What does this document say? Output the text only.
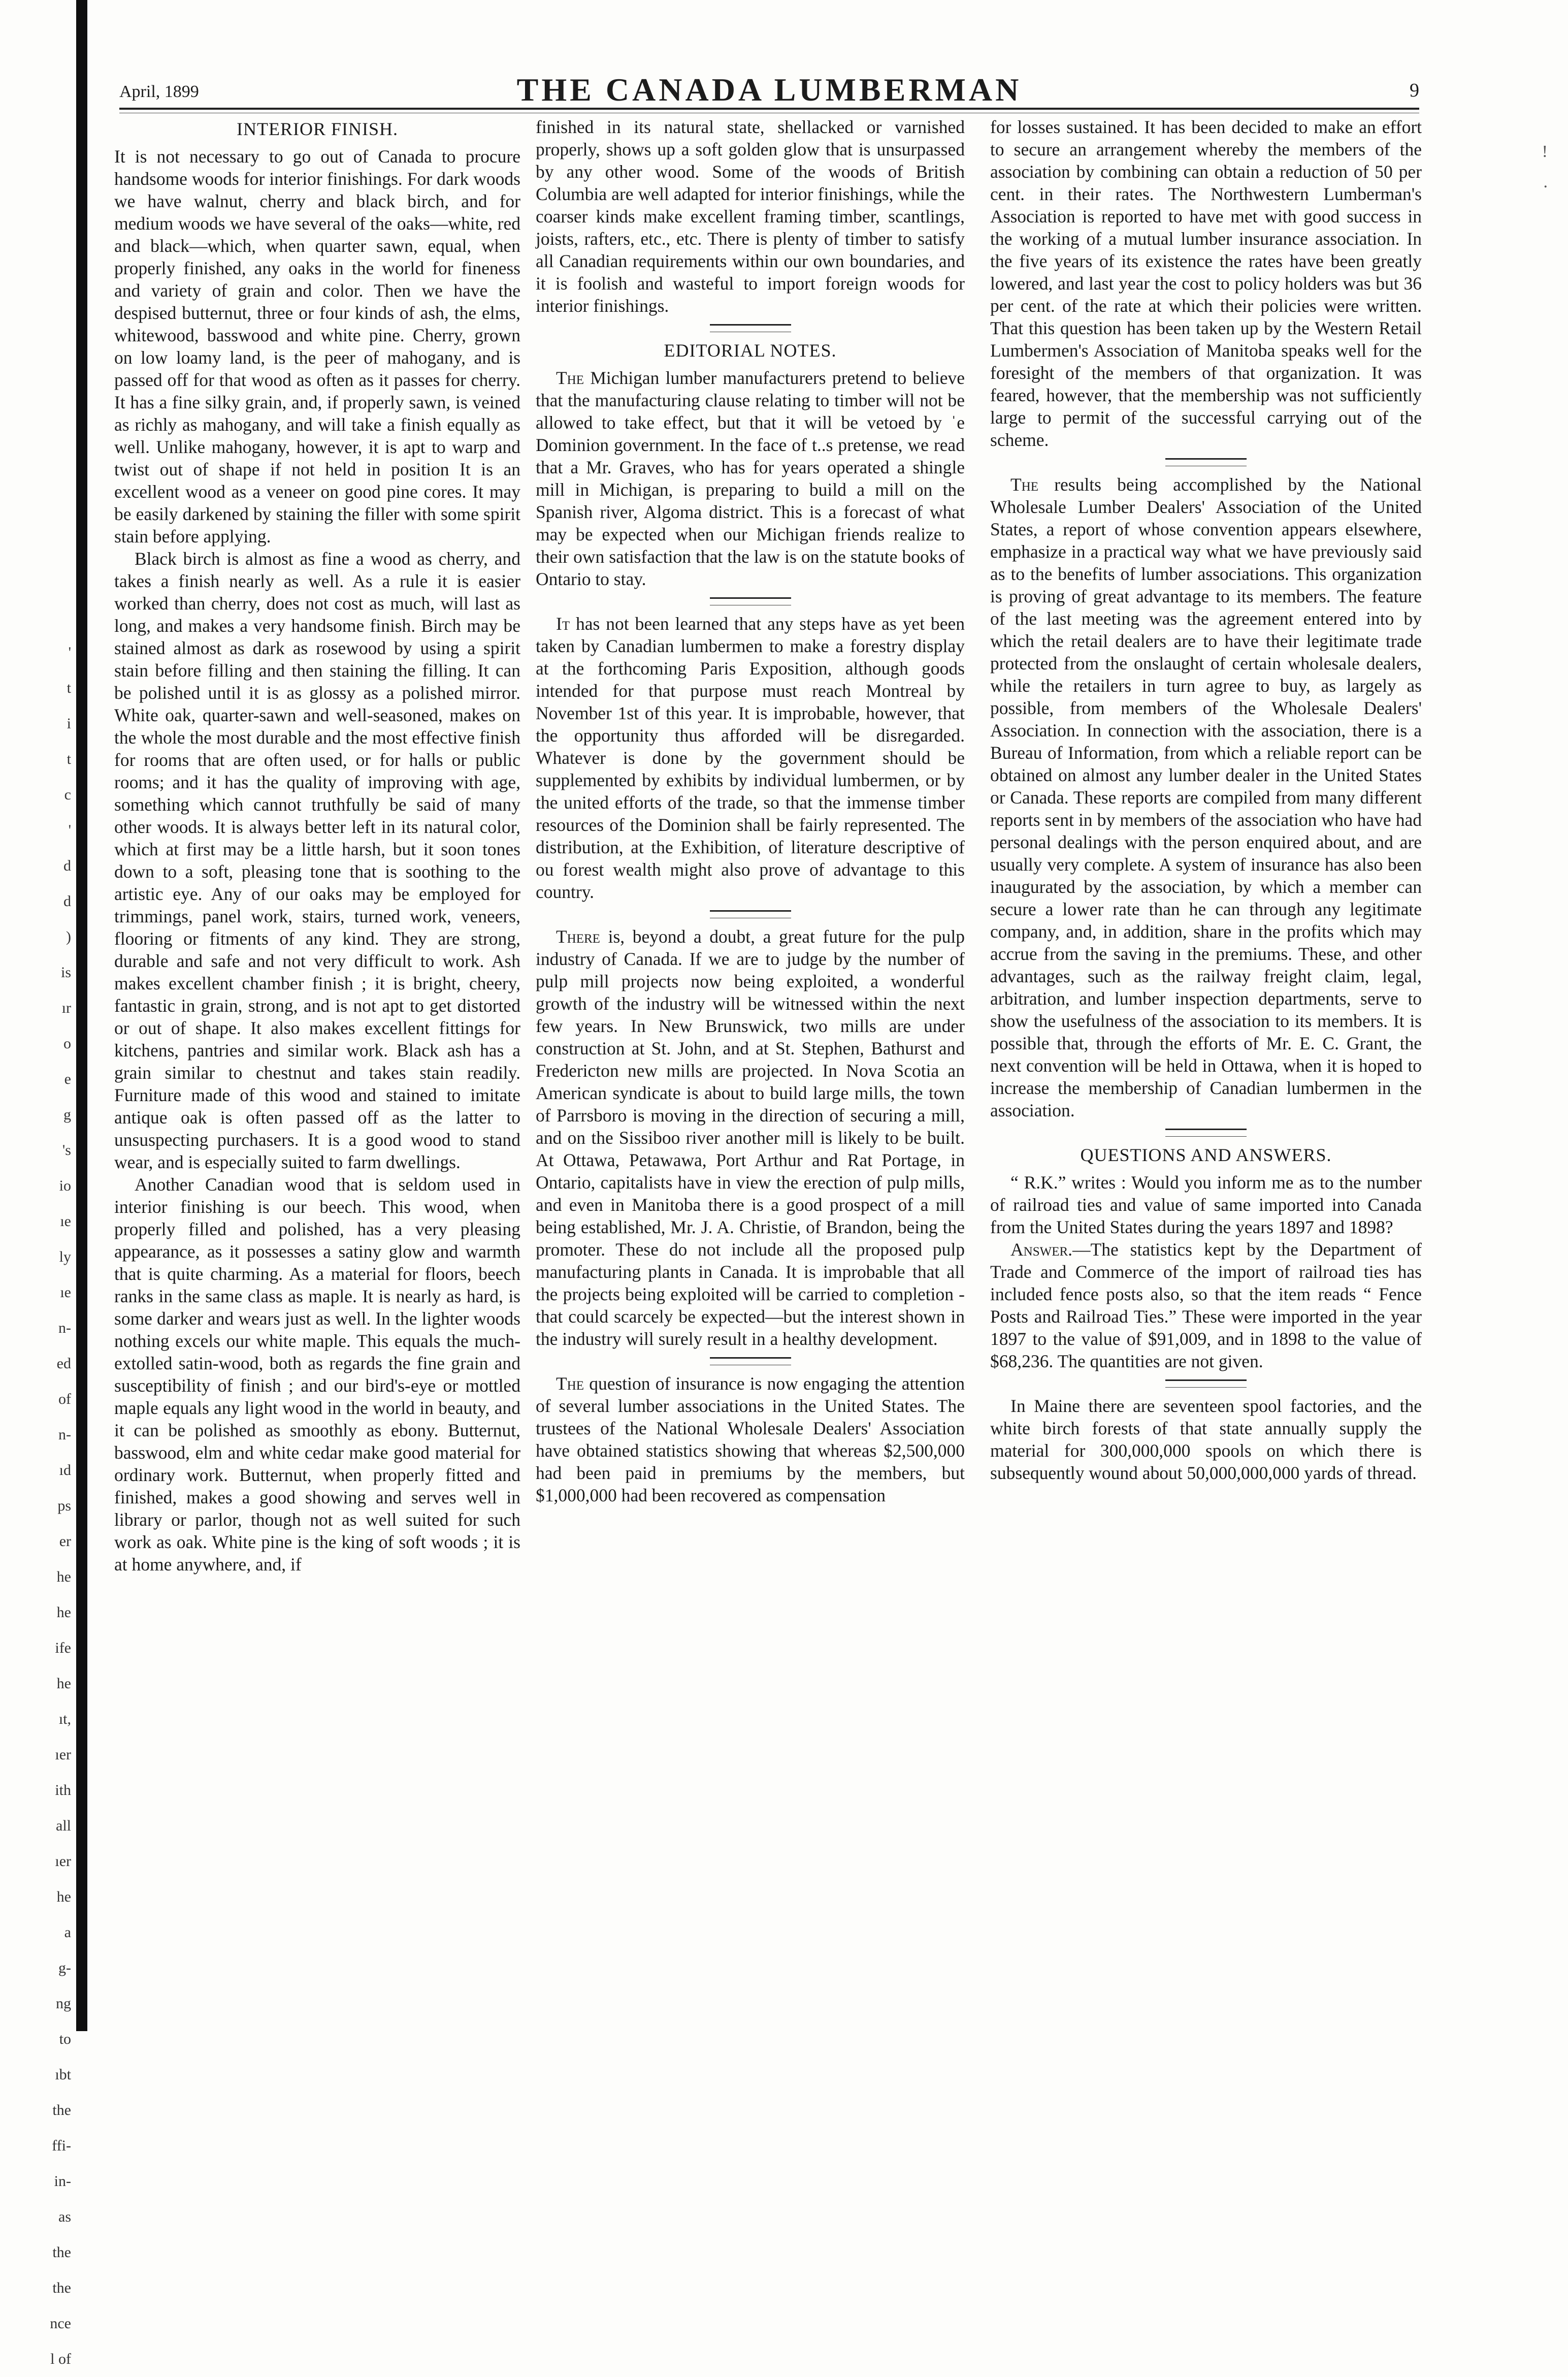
'
t
i
t
c
'
d
d
)
is
ır
o
e
g
's
io
ıe
ly
ıe
n-
ed
of
n-
ıd
ps
er
he
he
ife
he
ıt,
ıer
ith
all
ıer
he
a
g-
ng
to
ıbt
the
ffi-
in-
as
the
the
nce
l of
!
.
April, 1899	THE CANADA LUMBERMAN	9
INTERIOR FINISH.

It is not necessary to go out of Canada to procure handsome woods for interior finishings. For dark woods we have walnut, cherry and black birch, and for medium woods we have several of the oaks—white, red and black—which, when quarter sawn, equal, when properly finished, any oaks in the world for fineness and variety of grain and color. Then we have the despised butternut, three or four kinds of ash, the elms, whitewood, basswood and white pine. Cherry, grown on low loamy land, is the peer of mahogany, and is passed off for that wood as often as it passes for cherry. It has a fine silky grain, and, if properly sawn, is veined as richly as mahogany, and will take a finish equally as well. Unlike mahogany, however, it is apt to warp and twist out of shape if not held in position It is an excellent wood as a veneer on good pine cores. It may be easily darkened by staining the filler with some spirit stain before applying.

Black birch is almost as fine a wood as cherry, and takes a finish nearly as well. As a rule it is easier worked than cherry, does not cost as much, will last as long, and makes a very handsome finish. Birch may be stained almost as dark as rosewood by using a spirit stain before filling and then staining the filling. It can be polished until it is as glossy as a polished mirror. White oak, quarter-sawn and well-seasoned, makes on the whole the most durable and the most effective finish for rooms that are often used, or for halls or public rooms; and it has the quality of improving with age, something which cannot truthfully be said of many other woods. It is always better left in its natural color, which at first may be a little harsh, but it soon tones down to a soft, pleasing tone that is soothing to the artistic eye. Any of our oaks may be employed for trimmings, panel work, stairs, turned work, veneers, flooring or fitments of any kind. They are strong, durable and safe and not very difficult to work. Ash makes excellent chamber finish ; it is bright, cheery, fantastic in grain, strong, and is not apt to get distorted or out of shape. It also makes excellent fittings for kitchens, pantries and similar work. Black ash has a grain similar to chestnut and takes stain readily. Furniture made of this wood and stained to imitate antique oak is often passed off as the latter to unsuspecting purchasers. It is a good wood to stand wear, and is especially suited to farm dwellings.

Another Canadian wood that is seldom used in interior finishing is our beech. This wood, when properly filled and polished, has a very pleasing appearance, as it possesses a satiny glow and warmth that is quite charming. As a material for floors, beech ranks in the same class as maple. It is nearly as hard, is some darker and wears just as well. In the lighter woods nothing excels our white maple. This equals the much-extolled satin-wood, both as regards the fine grain and susceptibility of finish ; and our bird's-eye or mottled maple equals any light wood in the world in beauty, and it can be polished as smoothly as ebony. Butternut, basswood, elm and white cedar make good material for ordinary work. Butternut, when properly fitted and finished, makes a good showing and serves well in library or parlor, though not as well suited for such work as oak. White pine is the king of soft woods ; it is at home anywhere, and, if

finished in its natural state, shellacked or varnished properly, shows up a soft golden glow that is unsurpassed by any other wood. Some of the woods of British Columbia are well adapted for interior finishings, while the coarser kinds make excellent framing timber, scantlings, joists, rafters, etc., etc. There is plenty of timber to satisfy all Canadian requirements within our own boundaries, and it is foolish and wasteful to import foreign woods for interior finishings.

EDITORIAL NOTES.

The Michigan lumber manufacturers pretend to believe that the manufacturing clause relating to timber will not be allowed to take effect, but that it will be vetoed by ˈe Dominion government. In the face of t..s pretense, we read that a Mr. Graves, who has for years operated a shingle mill in Michigan, is preparing to build a mill on the Spanish river, Algoma district. This is a forecast of what may be expected when our Michigan friends realize to their own satisfaction that the law is on the statute books of Ontario to stay.

It has not been learned that any steps have as yet been taken by Canadian lumbermen to make a forestry display at the forthcoming Paris Exposition, although goods intended for that purpose must reach Montreal by November 1st of this year. It is improbable, however, that the opportunity thus afforded will be disregarded. Whatever is done by the government should be supplemented by exhibits by individual lumbermen, or by the united efforts of the trade, so that the immense timber resources of the Dominion shall be fairly represented. The distribution, at the Exhibition, of literature descriptive of ou forest wealth might also prove of advantage to this country.

There is, beyond a doubt, a great future for the pulp industry of Canada. If we are to judge by the number of pulp mill projects now being exploited, a wonderful growth of the industry will be witnessed within the next few years. In New Brunswick, two mills are under construction at St. John, and at St. Stephen, Bathurst and Fredericton new mills are projected. In Nova Scotia an American syndicate is about to build large mills, the town of Parrsboro is moving in the direction of securing a mill, and on the Sissiboo river another mill is likely to be built. At Ottawa, Petawawa, Port Arthur and Rat Portage, in Ontario, capitalists have in view the erection of pulp mills, and even in Manitoba there is a good prospect of a mill being established, Mr. J. A. Christie, of Brandon, being the promoter. These do not include all the proposed pulp manufacturing plants in Canada. It is improbable that all the projects being exploited will be carried to completion - that could scarcely be expected—but the interest shown in the industry will surely result in a healthy development.

The question of insurance is now engaging the attention of several lumber associations in the United States. The trustees of the National Wholesale Dealers' Association have obtained statistics showing that whereas $2,500,000 had been paid in premiums by the members, but $1,000,000 had been recovered as compensation

for losses sustained. It has been decided to make an effort to secure an arrangement whereby the members of the association by combining can obtain a reduction of 50 per cent. in their rates. The Northwestern Lumberman's Association is reported to have met with good success in the working of a mutual lumber insurance association. In the five years of its existence the rates have been greatly lowered, and last year the cost to policy holders was but 36 per cent. of the rate at which their policies were written. That this question has been taken up by the Western Retail Lumbermen's Association of Manitoba speaks well for the foresight of the members of that organization. It was feared, however, that the membership was not sufficiently large to permit of the successful carrying out of the scheme.

The results being accomplished by the National Wholesale Lumber Dealers' Association of the United States, a report of whose convention appears elsewhere, emphasize in a practical way what we have previously said as to the benefits of lumber associations. This organization is proving of great advantage to its members. The feature of the last meeting was the agreement entered into by which the retail dealers are to have their legitimate trade protected from the onslaught of certain wholesale dealers, while the retailers in turn agree to buy, as largely as possible, from members of the Wholesale Dealers' Association. In connection with the association, there is a Bureau of Information, from which a reliable report can be obtained on almost any lumber dealer in the United States or Canada. These reports are compiled from many different reports sent in by members of the association who have had personal dealings with the person enquired about, and are usually very complete. A system of insurance has also been inaugurated by the association, by which a member can secure a lower rate than he can through any legitimate company, and, in addition, share in the profits which may accrue from the saving in the premiums. These, and other advantages, such as the railway freight claim, legal, arbitration, and lumber inspection departments, serve to show the usefulness of the association to its members. It is possible that, through the efforts of Mr. E. C. Grant, the next convention will be held in Ottawa, when it is hoped to increase the membership of Canadian lumbermen in the association.

QUESTIONS AND ANSWERS.

“ R.K.” writes : Would you inform me as to the number of railroad ties and value of same imported into Canada from the United States during the years 1897 and 1898?

Answer.—The statistics kept by the Department of Trade and Commerce of the import of railroad ties has included fence posts also, so that the item reads “ Fence Posts and Railroad Ties.” These were imported in the year 1897 to the value of $91,009, and in 1898 to the value of $68,236. The quantities are not given.

In Maine there are seventeen spool factories, and the white birch forests of that state annually supply the material for 300,000,000 spools on which there is subsequently wound about 50,000,000,000 yards of thread.
